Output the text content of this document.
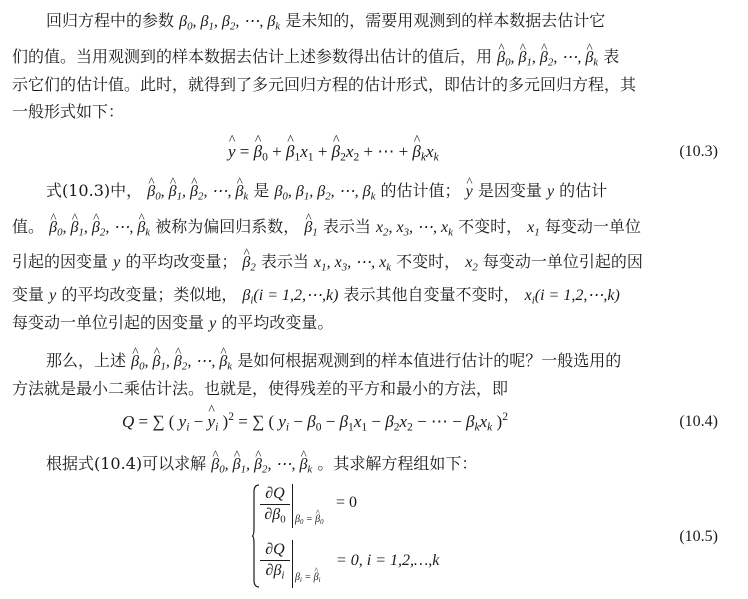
回归方程中的参数 $\beta_0$, $\beta_1$, $\beta_2$, ⋯, $\beta_k$ 是未知的，需要用观测到的样本数据去估计它
们的值。当用观测到的样本数据去估计上述参数得出估计的值后，用 ^ $\beta_0$, ^ $\beta_1$, ^ $\beta_2$, ⋯, ^ $\beta_k$ 表
示它们的估计值。此时，就得到了多元回归方程的估计形式，即估计的多元回归方程，其
一般形式如下：
^ y = ^ $\beta_0$ + ^ $\beta_1x_1$ + ^ $\beta_2x_2$ + ⋯ + ^ $\beta_kx_k$	(10.3)
式(10.3)中， ^ $\beta_0$, ^ $\beta_1$, ^ $\beta_2$, ⋯, ^ $\beta_k$ 是 $\beta_0$, $\beta_1$, $\beta_2$, ⋯, $\beta_k$ 的估计值； ^ y 是因变量 y 的估计
值。 ^ $\beta_0$, ^ $\beta_1$, ^ $\beta_2$, ⋯, ^ $\beta_k$ 被称为偏回归系数， ^ $\beta_1$ 表示当 $x_2$, $x_3$, ⋯, $x_k$ 不变时， $x_1$ 每变动一单位
引起的因变量 y 的平均改变量； ^ $\beta_2$ 表示当 $x_1$, $x_3$, ⋯, $x_k$ 不变时， $x_2$ 每变动一单位引起的因
变量 y 的平均改变量；类似地， $\beta_i(i$ = 1,2,⋯,k) 表示其他自变量不变时， $x_i(i$ = 1,2,⋯,k)
每变动一单位引起的因变量 y 的平均改变量。
那么，上述 ^ $\beta_0$, ^ $\beta_1$, ^ $\beta_2$, ⋯, ^ $\beta_k$ 是如何根据观测到的样本值进行估计的呢？一般选用的
方法就是最小二乘估计法。也就是，使得残差的平方和最小的方法，即
Q = ∑ ( $y_i$ − ^ $y_i$ )$^2$ = ∑ ( $y_i - \beta_0 - \beta_1x_1 - \beta_2x_2$ − ⋯ − $\beta_kx_k$ )$^2$	(10.4)
根据式(10.4)可以求解 ^ $\beta_0$, ^ $\beta_1$, ^ $\beta_2$, ⋯, ^ $\beta_k$ 。其求解方程组如下：
$\frac{\partial Q}{\partial\beta_0} \beta_0$ = ^ $\beta_0$
= 0
$\frac{\partial Q}{\partial\beta_i} \beta_i$ = ^ $\beta_i$
= 0, i = 1,2,…,k
(10.5)
